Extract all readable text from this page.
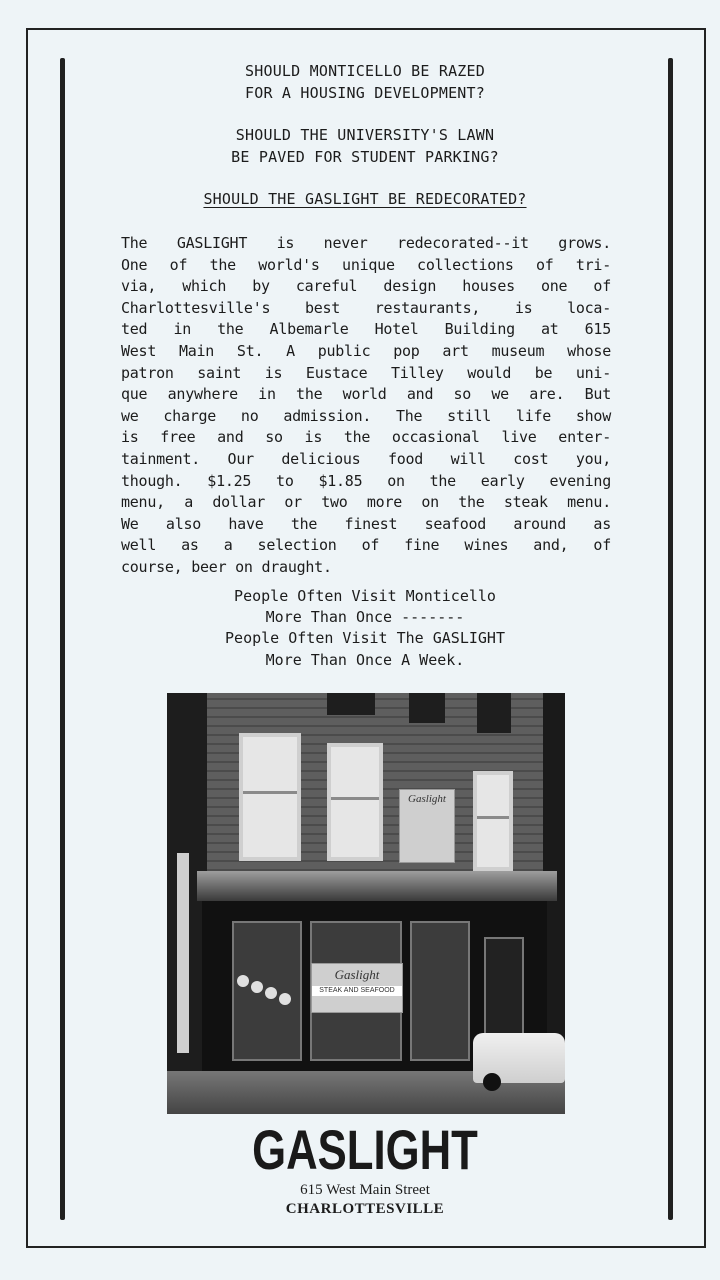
SHOULD MONTICELLO BE RAZED
FOR A HOUSING DEVELOPMENT?
SHOULD THE UNIVERSITY'S LAWN
BE PAVED FOR STUDENT PARKING?
SHOULD THE GASLIGHT BE REDECORATED?
The GASLIGHT is never redecorated--it grows.
One of the world's unique collections of tri-
via, which by careful design houses one of
Charlottesville's best restaurants, is loca-
ted in the Albemarle Hotel Building at 615
West Main St. A public pop art museum whose
patron saint is Eustace Tilley would be uni-
que anywhere in the world and so we are. But
we charge no admission. The still life show
is free and so is the occasional live enter-
tainment. Our delicious food will cost you,
though. $1.25 to $1.85 on the early evening
menu, a dollar or two more on the steak menu.
We also have the finest seafood around as
well as a selection of fine wines and, of
course, beer on draught.
People Often Visit Monticello
More Than Once -------
People Often Visit The GASLIGHT
More Than Once A Week.
Gaslight
Gaslight
STEAK AND SEAFOOD
GASLIGHT
615 West Main Street
CHARLOTTESVILLE
